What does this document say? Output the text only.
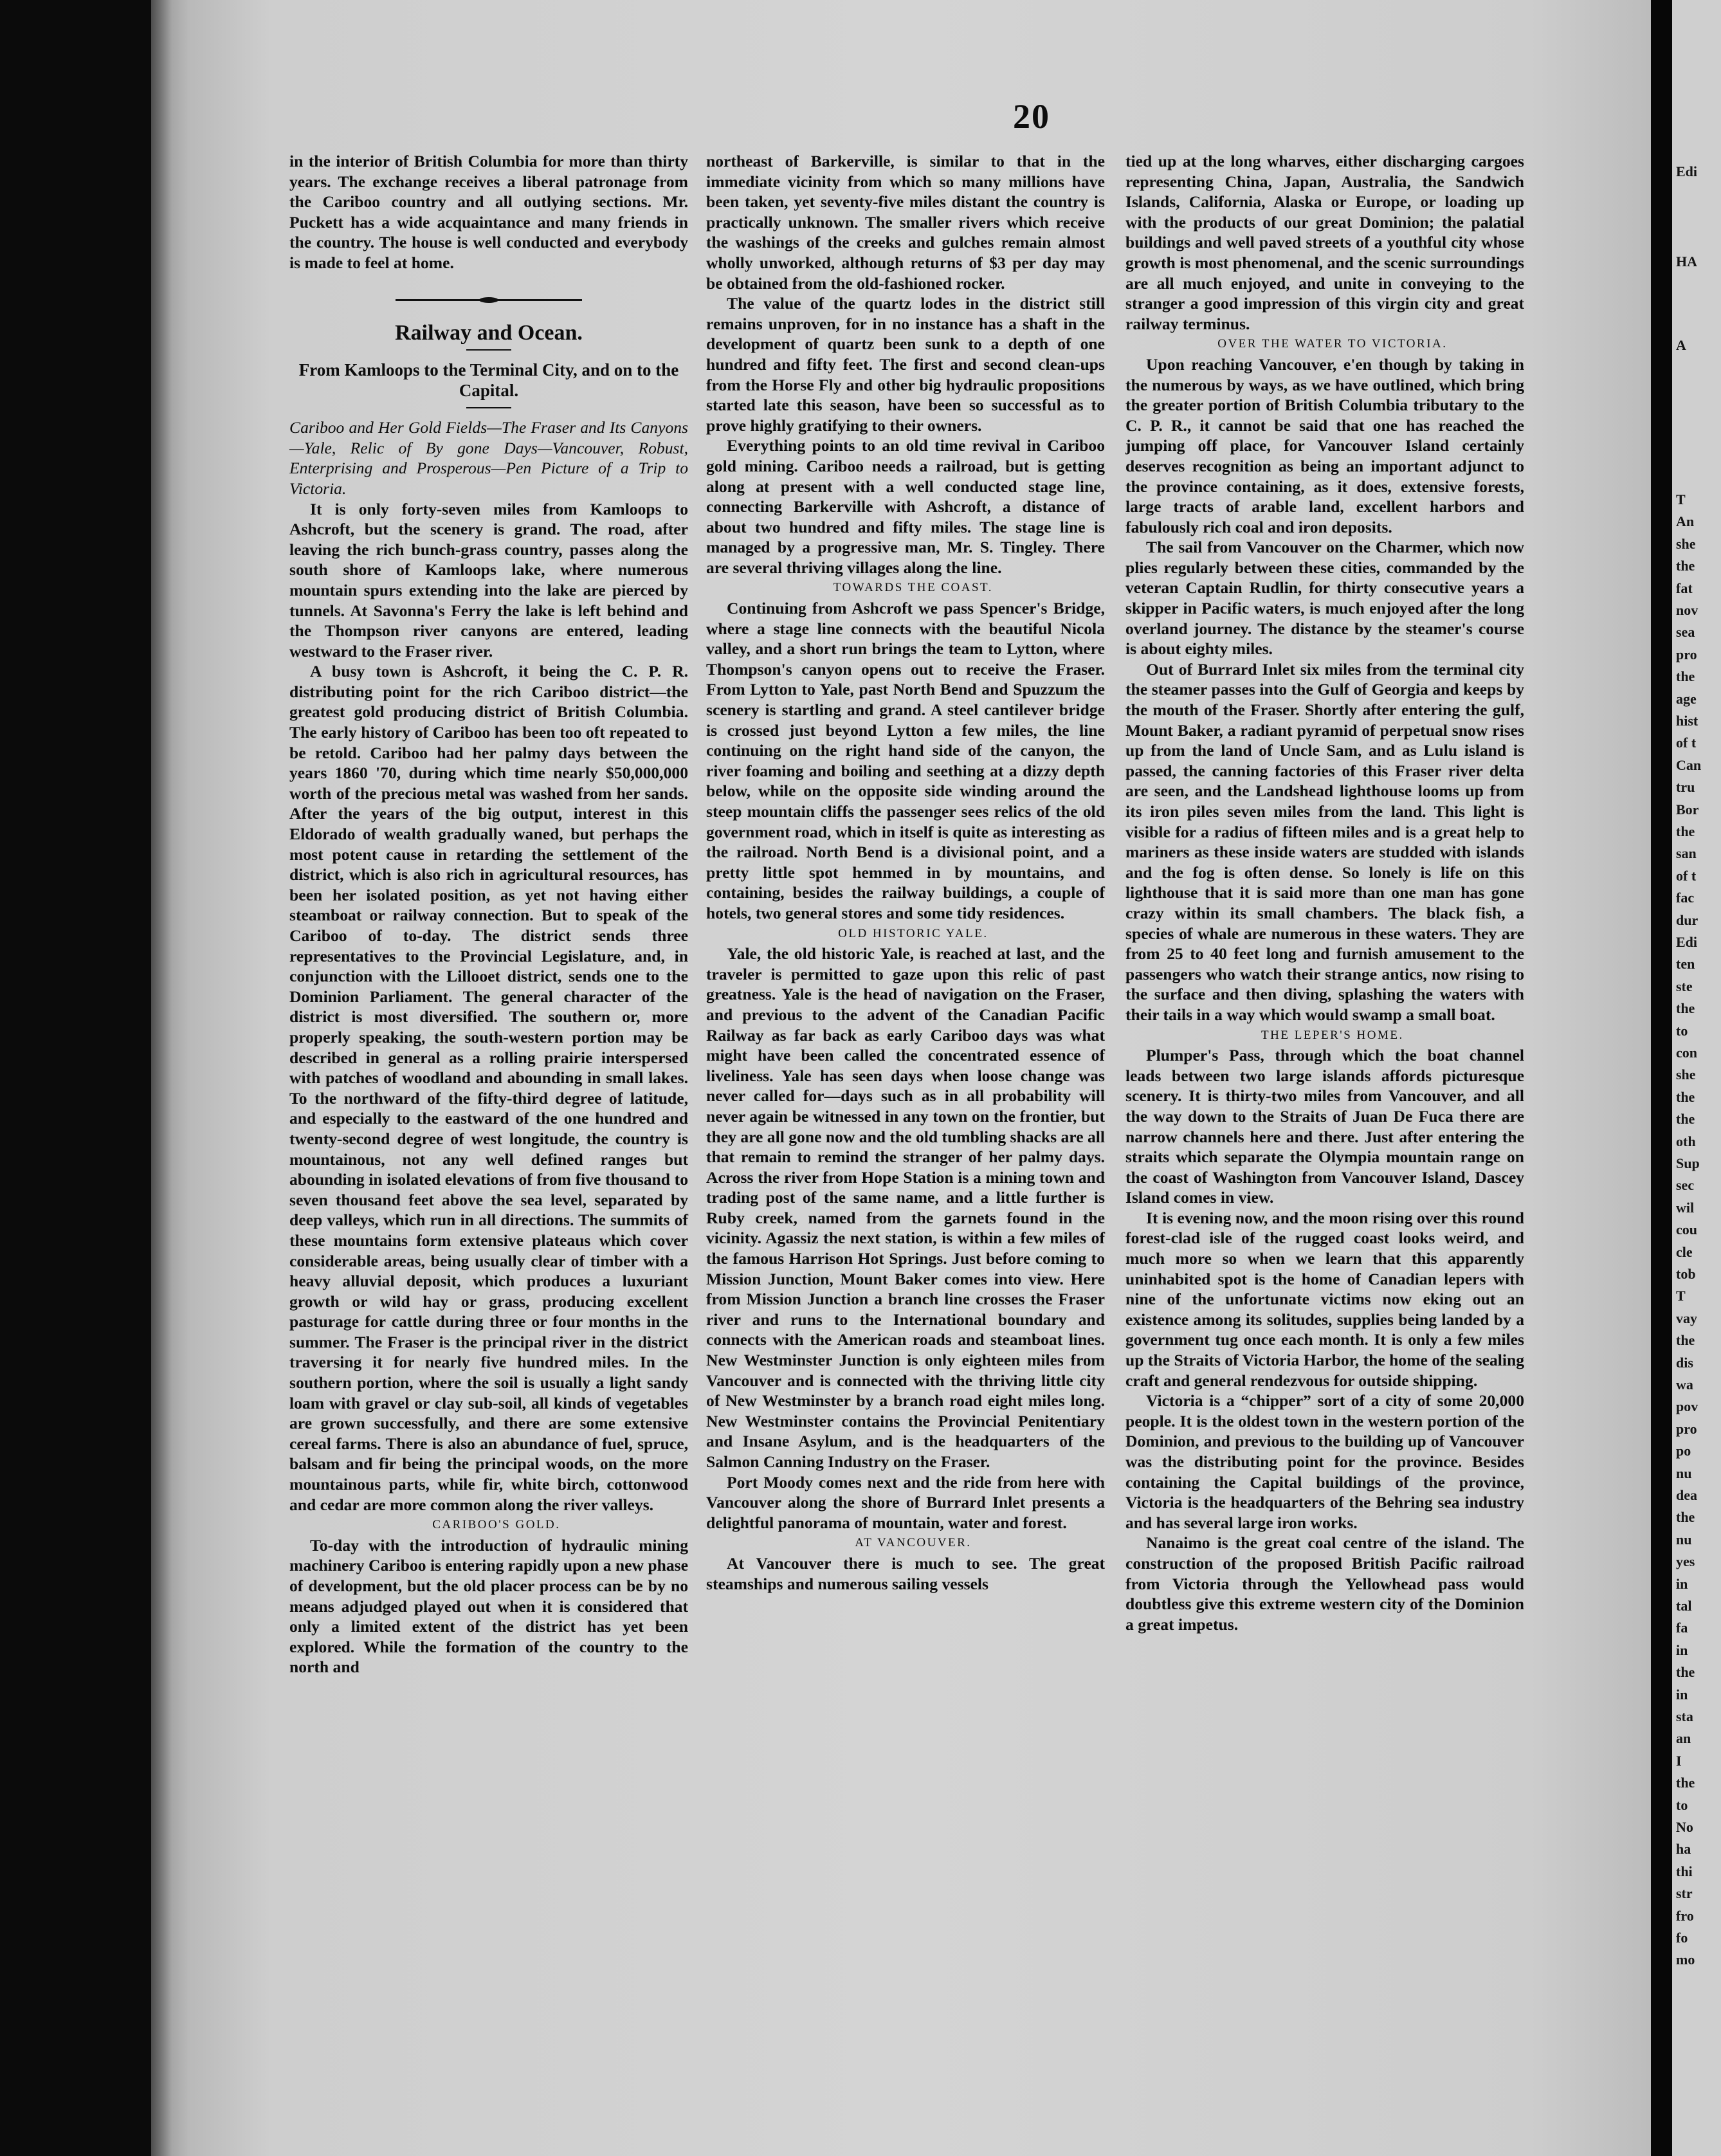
20
Edi
HA
A
T
An
she
the
fat
nov
sea
pro
the
age
hist
of t
Can
tru
Bor
the
san
of t
fac
dur
Edi
ten
ste
the
to
con
she
the
the
oth
Sup
sec
wil
cou
cle
tob
T
vay
the
dis
wa
pov
pro
po
nu
dea
the
nu
yes
in
tal
fa
in
the
in
sta
an
I
the
to
No
ha
thi
str
fro
fo
mo

in the interior of British Columbia for more than thirty years. The exchange receives a liberal patronage from the Cariboo country and all outlying sections. Mr. Puckett has a wide acquaintance and many friends in the country. The house is well conducted and everybody is made to feel at home.

Railway and Ocean.
From Kamloops to the Terminal City, and on to the Capital.

Cariboo and Her Gold Fields—The Fraser and Its Canyons—Yale, Relic of By gone Days—Vancouver, Robust, Enterprising and Prosperous—Pen Picture of a Trip to Victoria.

It is only forty-seven miles from Kamloops to Ashcroft, but the scenery is grand. The road, after leaving the rich bunch-grass country, passes along the south shore of Kamloops lake, where numerous mountain spurs extending into the lake are pierced by tunnels. At Savonna's Ferry the lake is left behind and the Thompson river canyons are entered, leading westward to the Fraser river.

A busy town is Ashcroft, it being the C. P. R. distributing point for the rich Cariboo district—the greatest gold producing district of British Columbia. The early history of Cariboo has been too oft repeated to be retold. Cariboo had her palmy days between the years 1860 '70, during which time nearly $50,000,000 worth of the precious metal was washed from her sands. After the years of the big output, interest in this Eldorado of wealth gradually waned, but perhaps the most potent cause in retarding the settlement of the district, which is also rich in agricultural resources, has been her isolated position, as yet not having either steamboat or railway connection. But to speak of the Cariboo of to-day. The district sends three representatives to the Provincial Legislature, and, in conjunction with the Lillooet district, sends one to the Dominion Parliament. The general character of the district is most diversified. The southern or, more properly speaking, the south-western portion may be described in general as a rolling prairie interspersed with patches of woodland and abounding in small lakes. To the northward of the fifty-third degree of latitude, and especially to the eastward of the one hundred and twenty-second degree of west longitude, the country is mountainous, not any well defined ranges but abounding in isolated elevations of from five thousand to seven thousand feet above the sea level, separated by deep valleys, which run in all directions. The summits of these mountains form extensive plateaus which cover considerable areas, being usually clear of timber with a heavy alluvial deposit, which produces a luxuriant growth or wild hay or grass, producing excellent pasturage for cattle during three or four months in the summer. The Fraser is the principal river in the district traversing it for nearly five hundred miles. In the southern portion, where the soil is usually a light sandy loam with gravel or clay sub-soil, all kinds of vegetables are grown successfully, and there are some extensive cereal farms. There is also an abundance of fuel, spruce, balsam and fir being the principal woods, on the more mountainous parts, while fir, white birch, cottonwood and cedar are more common along the river valleys.

CARIBOO'S GOLD.

To-day with the introduction of hydraulic mining machinery Cariboo is entering rapidly upon a new phase of development, but the old placer process can be by no means adjudged played out when it is considered that only a limited extent of the district has yet been explored. While the formation of the country to the north and

northeast of Barkerville, is similar to that in the immediate vicinity from which so many millions have been taken, yet seventy-five miles distant the country is practically unknown. The smaller rivers which receive the washings of the creeks and gulches remain almost wholly unworked, although returns of $3 per day may be obtained from the old-fashioned rocker.

The value of the quartz lodes in the district still remains unproven, for in no instance has a shaft in the development of quartz been sunk to a depth of one hundred and fifty feet. The first and second clean-ups from the Horse Fly and other big hydraulic propositions started late this season, have been so successful as to prove highly gratifying to their owners.

Everything points to an old time revival in Cariboo gold mining. Cariboo needs a railroad, but is getting along at present with a well conducted stage line, connecting Barkerville with Ashcroft, a distance of about two hundred and fifty miles. The stage line is managed by a progressive man, Mr. S. Tingley. There are several thriving villages along the line.

TOWARDS THE COAST.

Continuing from Ashcroft we pass Spencer's Bridge, where a stage line connects with the beautiful Nicola valley, and a short run brings the team to Lytton, where Thompson's canyon opens out to receive the Fraser. From Lytton to Yale, past North Bend and Spuzzum the scenery is startling and grand. A steel cantilever bridge is crossed just beyond Lytton a few miles, the line continuing on the right hand side of the canyon, the river foaming and boiling and seething at a dizzy depth below, while on the opposite side winding around the steep mountain cliffs the passenger sees relics of the old government road, which in itself is quite as interesting as the railroad. North Bend is a divisional point, and a pretty little spot hemmed in by mountains, and containing, besides the railway buildings, a couple of hotels, two general stores and some tidy residences.

OLD HISTORIC YALE.

Yale, the old historic Yale, is reached at last, and the traveler is permitted to gaze upon this relic of past greatness. Yale is the head of navigation on the Fraser, and previous to the advent of the Canadian Pacific Railway as far back as early Cariboo days was what might have been called the concentrated essence of liveliness. Yale has seen days when loose change was never called for—days such as in all probability will never again be witnessed in any town on the frontier, but they are all gone now and the old tumbling shacks are all that remain to remind the stranger of her palmy days. Across the river from Hope Station is a mining town and trading post of the same name, and a little further is Ruby creek, named from the garnets found in the vicinity. Agassiz the next station, is within a few miles of the famous Harrison Hot Springs. Just before coming to Mission Junction, Mount Baker comes into view. Here from Mission Junction a branch line crosses the Fraser river and runs to the International boundary and connects with the American roads and steamboat lines. New Westminster Junction is only eighteen miles from Vancouver and is connected with the thriving little city of New Westminster by a branch road eight miles long. New Westminster contains the Provincial Penitentiary and Insane Asylum, and is the headquarters of the Salmon Canning Industry on the Fraser.

Port Moody comes next and the ride from here with Vancouver along the shore of Burrard Inlet presents a delightful panorama of mountain, water and forest.

AT VANCOUVER.

At Vancouver there is much to see. The great steamships and numerous sailing vessels

tied up at the long wharves, either discharging cargoes representing China, Japan, Australia, the Sandwich Islands, California, Alaska or Europe, or loading up with the products of our great Dominion; the palatial buildings and well paved streets of a youthful city whose growth is most phenomenal, and the scenic surroundings are all much enjoyed, and unite in conveying to the stranger a good impression of this virgin city and great railway terminus.

OVER THE WATER TO VICTORIA.

Upon reaching Vancouver, e'en though by taking in the numerous by ways, as we have outlined, which bring the greater portion of British Columbia tributary to the C. P. R., it cannot be said that one has reached the jumping off place, for Vancouver Island certainly deserves recognition as being an important adjunct to the province containing, as it does, extensive forests, large tracts of arable land, excellent harbors and fabulously rich coal and iron deposits.

The sail from Vancouver on the Charmer, which now plies regularly between these cities, commanded by the veteran Captain Rudlin, for thirty consecutive years a skipper in Pacific waters, is much enjoyed after the long overland journey. The distance by the steamer's course is about eighty miles.

Out of Burrard Inlet six miles from the terminal city the steamer passes into the Gulf of Georgia and keeps by the mouth of the Fraser. Shortly after entering the gulf, Mount Baker, a radiant pyramid of perpetual snow rises up from the land of Uncle Sam, and as Lulu island is passed, the canning factories of this Fraser river delta are seen, and the Landshead lighthouse looms up from its iron piles seven miles from the land. This light is visible for a radius of fifteen miles and is a great help to mariners as these inside waters are studded with islands and the fog is often dense. So lonely is life on this lighthouse that it is said more than one man has gone crazy within its small chambers. The black fish, a species of whale are numerous in these waters. They are from 25 to 40 feet long and furnish amusement to the passengers who watch their strange antics, now rising to the surface and then diving, splashing the waters with their tails in a way which would swamp a small boat.

THE LEPER'S HOME.

Plumper's Pass, through which the boat channel leads between two large islands affords picturesque scenery. It is thirty-two miles from Vancouver, and all the way down to the Straits of Juan De Fuca there are narrow channels here and there. Just after entering the straits which separate the Olympia mountain range on the coast of Washington from Vancouver Island, Dascey Island comes in view.

It is evening now, and the moon rising over this round forest-clad isle of the rugged coast looks weird, and much more so when we learn that this apparently uninhabited spot is the home of Canadian lepers with nine of the unfortunate victims now eking out an existence among its solitudes, supplies being landed by a government tug once each month. It is only a few miles up the Straits of Victoria Harbor, the home of the sealing craft and general rendezvous for outside shipping.

Victoria is a “chipper” sort of a city of some 20,000 people. It is the oldest town in the western portion of the Dominion, and previous to the building up of Vancouver was the distributing point for the province. Besides containing the Capital buildings of the province, Victoria is the headquarters of the Behring sea industry and has several large iron works.

Nanaimo is the great coal centre of the island. The construction of the proposed British Pacific railroad from Victoria through the Yellowhead pass would doubtless give this extreme western city of the Dominion a great impetus.
